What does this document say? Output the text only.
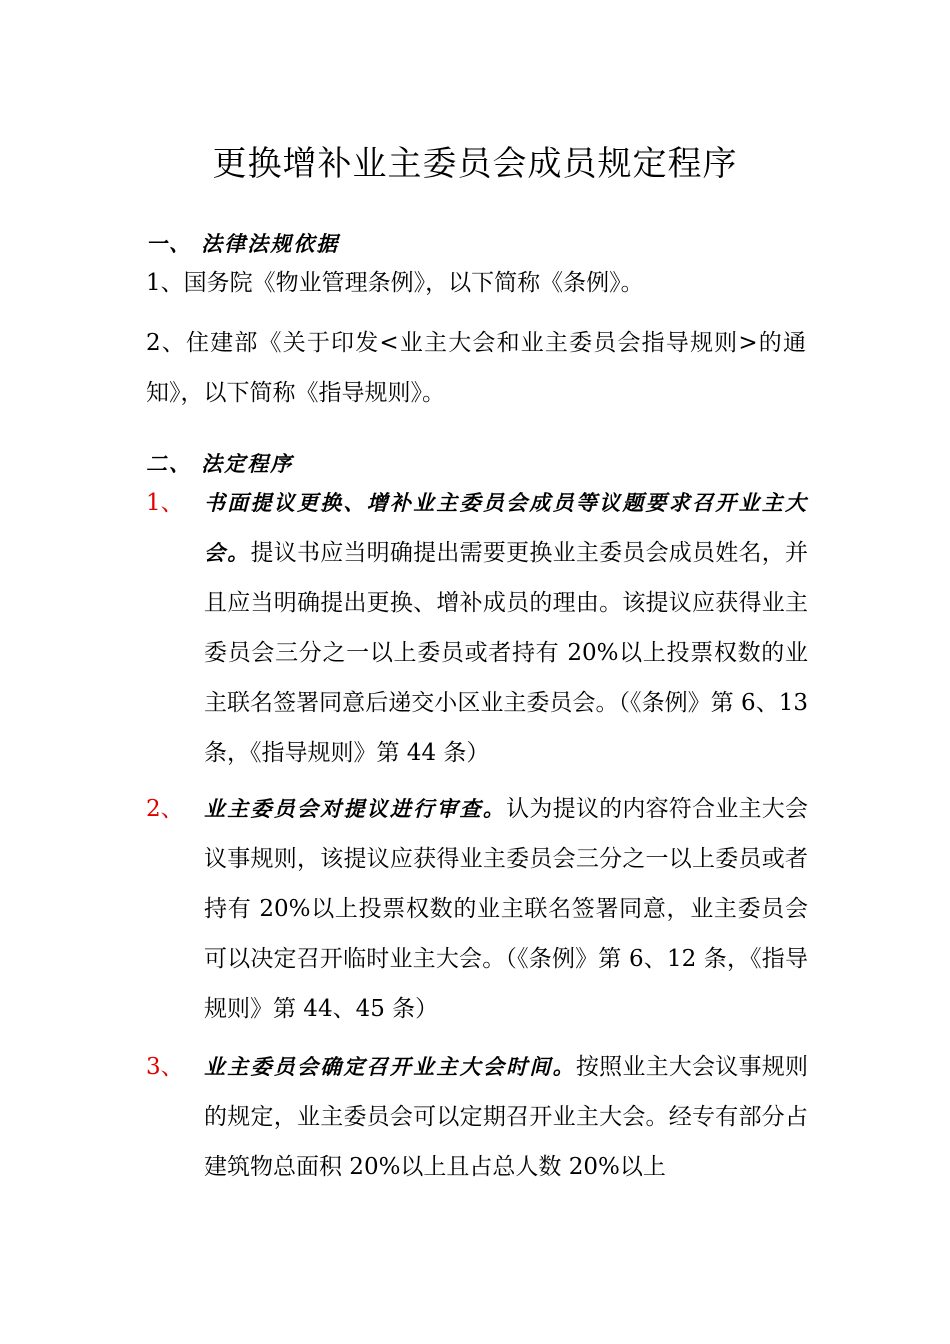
更换增补业主委员会成员规定程序
一、 法律法规依据
1、国务院《物业管理条例》，以下简称《条例》。
2、住建部《关于印发<业主大会和业主委员会指导规则>的通知》，以下简称《指导规则》。
二、 法定程序
1、 书面提议更换、增补业主委员会成员等议题要求召开业主大会。提议书应当明确提出需要更换业主委员会成员姓名，并且应当明确提出更换、增补成员的理由。该提议应获得业主委员会三分之一以上委员或者持有 20%以上投票权数的业主联名签署同意后递交小区业主委员会。（《条例》第 6、13 条，《指导规则》第 44 条）
2、 业主委员会对提议进行审查。认为提议的内容符合业主大会议事规则，该提议应获得业主委员会三分之一以上委员或者持有 20%以上投票权数的业主联名签署同意，业主委员会可以决定召开临时业主大会。（《条例》第 6、12 条，《指导规则》第 44、45 条）
3、 业主委员会确定召开业主大会时间。按照业主大会议事规则的规定，业主委员会可以定期召开业主大会。经专有部分占建筑物总面积 20%以上且占总人数 20%以上
